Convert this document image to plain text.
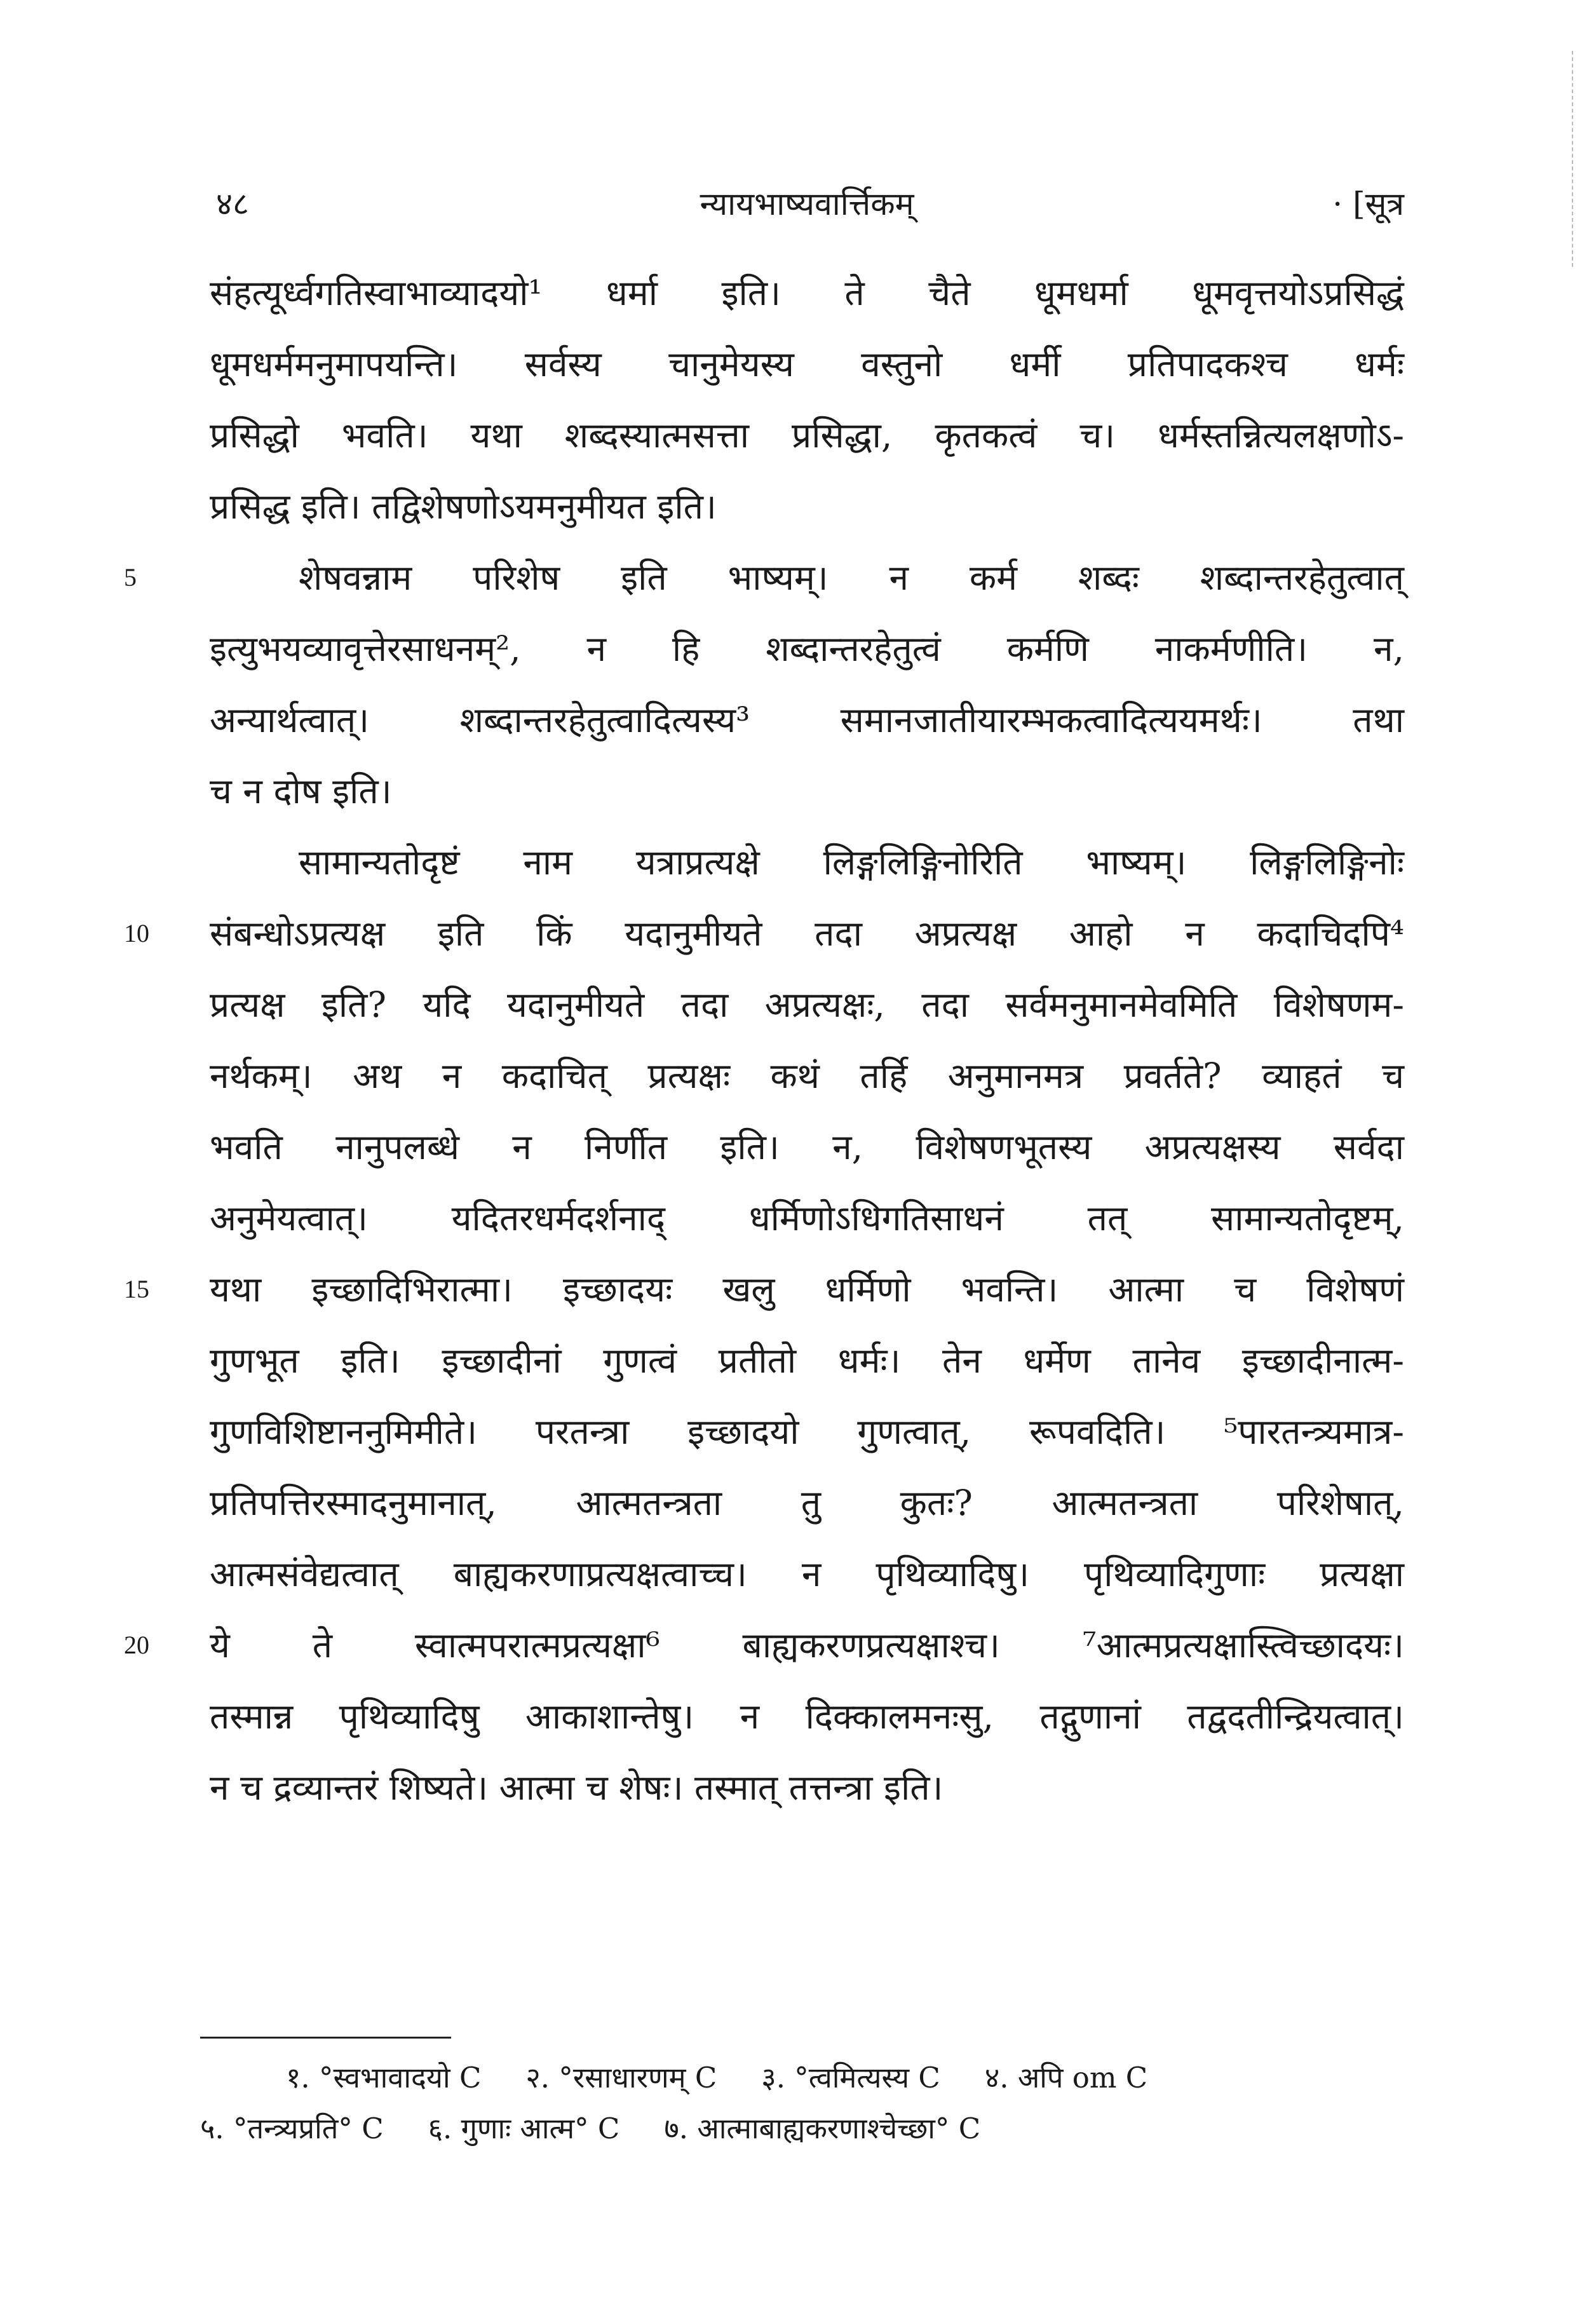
४८	न्यायभाष्यवार्त्तिकम्	· [सूत्र
संहत्यूर्ध्वगतिस्वाभाव्यादयो¹ धर्मा इति। ते चैते धूमधर्मा धूमवृत्तयोऽप्रसिद्धं
धूमधर्ममनुमापयन्ति। सर्वस्य चानुमेयस्य वस्तुनो धर्मी प्रतिपादकश्च धर्मः
प्रसिद्धो भवति। यथा शब्दस्यात्मसत्ता प्रसिद्धा, कृतकत्वं च। धर्मस्तन्नित्यलक्षणोऽ-
प्रसिद्ध इति। तद्विशेषणोऽयमनुमीयत इति।
5	शेषवन्नाम परिशेष इति भाष्यम्। न कर्म शब्दः शब्दान्तरहेतुत्वात्
इत्युभयव्यावृत्तेरसाधनम्², न हि शब्दान्तरहेतुत्वं कर्मणि नाकर्मणीति। न,
अन्यार्थत्वात्। शब्दान्तरहेतुत्वादित्यस्य³ समानजातीयारम्भकत्वादित्ययमर्थः। तथा
च न दोष इति।
सामान्यतोदृष्टं नाम यत्राप्रत्यक्षे लिङ्गलिङ्गिनोरिति भाष्यम्। लिङ्गलिङ्गिनोः
10	संबन्धोऽप्रत्यक्ष इति किं यदानुमीयते तदा अप्रत्यक्ष आहो न कदाचिदपि⁴
प्रत्यक्ष इति? यदि यदानुमीयते तदा अप्रत्यक्षः, तदा सर्वमनुमानमेवमिति विशेषणम-
नर्थकम्। अथ न कदाचित् प्रत्यक्षः कथं तर्हि अनुमानमत्र प्रवर्तते? व्याहतं च
भवति नानुपलब्धे न निर्णीत इति। न, विशेषणभूतस्य अप्रत्यक्षस्य सर्वदा
अनुमेयत्वात्। यदितरधर्मदर्शनाद् धर्मिणोऽधिगतिसाधनं तत् सामान्यतोदृष्टम्,
15	यथा इच्छादिभिरात्मा। इच्छादयः खलु धर्मिणो भवन्ति। आत्मा च विशेषणं
गुणभूत इति। इच्छादीनां गुणत्वं प्रतीतो धर्मः। तेन धर्मेण तानेव इच्छादीनात्म-
गुणविशिष्टाननुमिमीते। परतन्त्रा इच्छादयो गुणत्वात्, रूपवदिति। ⁵पारतन्त्र्यमात्र-
प्रतिपत्तिरस्मादनुमानात्, आत्मतन्त्रता तु कुतः? आत्मतन्त्रता परिशेषात्,
आत्मसंवेद्यत्वात् बाह्यकरणाप्रत्यक्षत्वाच्च। न पृथिव्यादिषु। पृथिव्यादिगुणाः प्रत्यक्षा
20	ये ते स्वात्मपरात्मप्रत्यक्षा⁶ बाह्यकरणप्रत्यक्षाश्च। ⁷आत्मप्रत्यक्षास्त्विच्छादयः।
तस्मान्न पृथिव्यादिषु आकाशान्तेषु। न दिक्कालमनःसु, तद्गुणानां तद्वदतीन्द्रियत्वात्।
न च द्रव्यान्तरं शिष्यते। आत्मा च शेषः। तस्मात् तत्तन्त्रा इति।
१. °स्वभावादयो C २. °रसाधारणम् C ३. °त्वमित्यस्य C ४. अपि om C
५. °तन्त्र्यप्रति° C ६. गुणाः आत्म° C ७. आत्माबाह्यकरणाश्चेच्छा° C
